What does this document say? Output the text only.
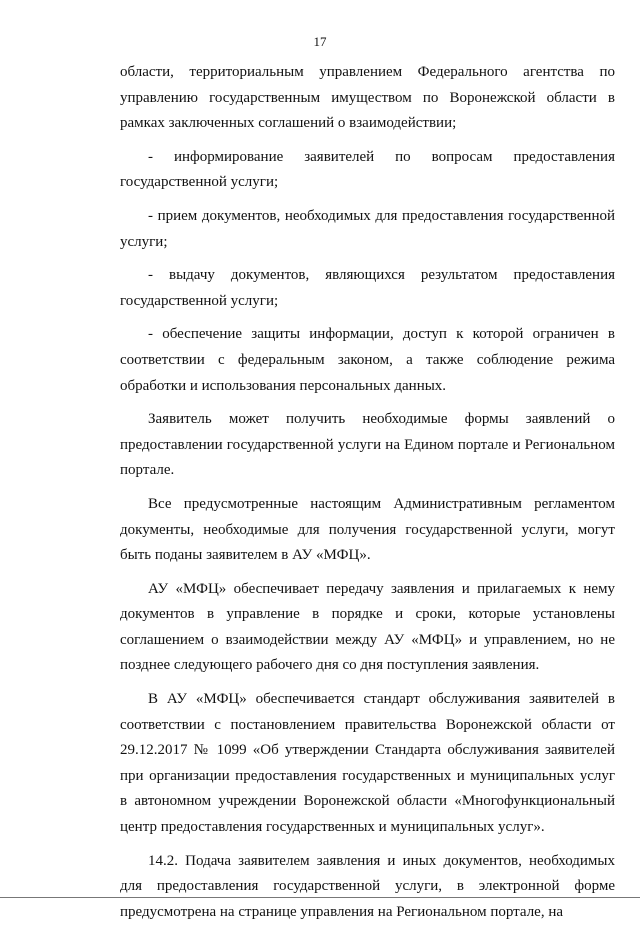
17

области, территориальным управлением Федерального агентства по управлению государственным имуществом по Воронежской области в рамках заключенных соглашений о взаимодействии;

- информирование заявителей по вопросам предоставления государственной услуги;

- прием документов, необходимых для предоставления государственной услуги;

- выдачу документов, являющихся результатом предоставления государственной услуги;

- обеспечение защиты информации, доступ к которой ограничен в соответствии с федеральным законом, а также соблюдение режима обработки и использования персональных данных.

Заявитель может получить необходимые формы заявлений о предоставлении государственной услуги на Едином портале и Региональном портале.

Все предусмотренные настоящим Административным регламентом документы, необходимые для получения государственной услуги, могут быть поданы заявителем в АУ «МФЦ».

АУ «МФЦ» обеспечивает передачу заявления и прилагаемых к нему документов в управление в порядке и сроки, которые установлены соглашением о взаимодействии между АУ «МФЦ» и управлением, но не позднее следующего рабочего дня со дня поступления заявления.

В АУ «МФЦ» обеспечивается стандарт обслуживания заявителей в соответствии с постановлением правительства Воронежской области от 29.12.2017 № 1099 «Об утверждении Стандарта обслуживания заявителей при организации предоставления государственных и муниципальных услуг в автономном учреждении Воронежской области «Многофункциональный центр предоставления государственных и муниципальных услуг».

14.2. Подача заявителем заявления и иных документов, необходимых для предоставления государственной услуги, в электронной форме предусмотрена на странице управления на Региональном портале, на
